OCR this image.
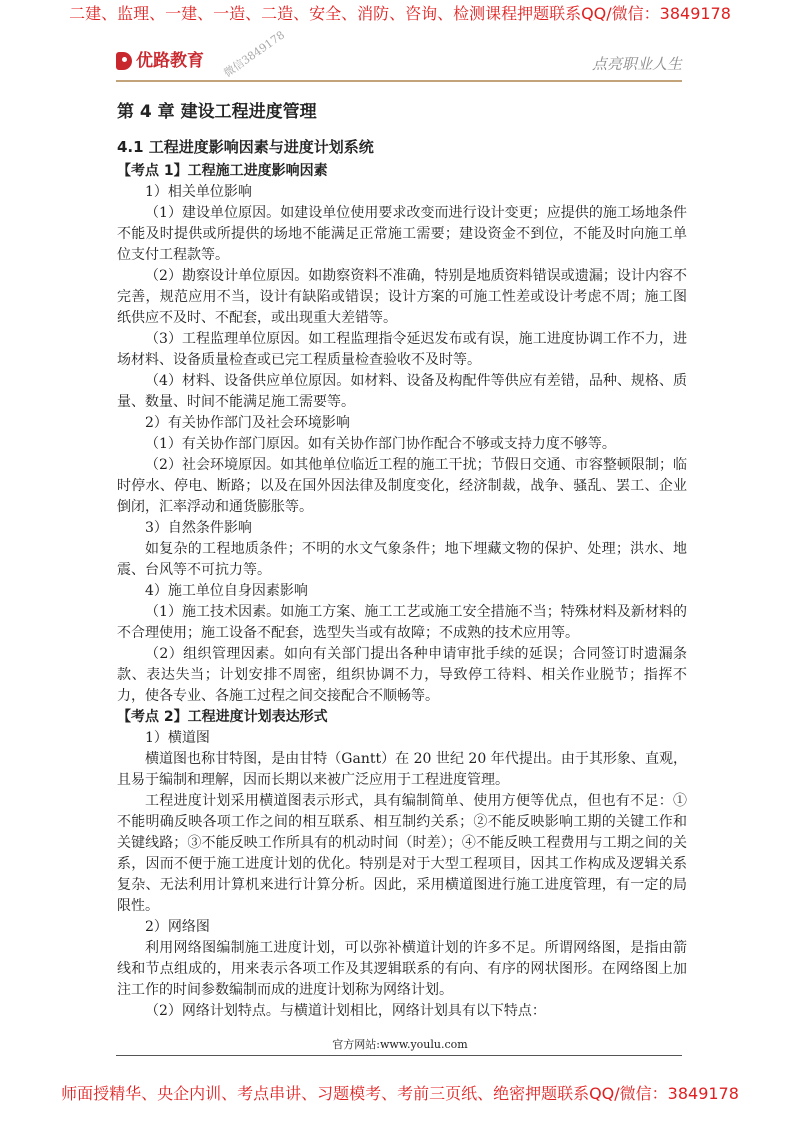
二建、监理、一建、一造、二造、安全、消防、咨询、检测课程押题联系QQ/微信：3849178
优路教育 微信3849178	点亮职业人生
第 4 章 建设工程进度管理
4.1 工程进度影响因素与进度计划系统
【考点 1】工程施工进度影响因素

1）相关单位影响

（1）建设单位原因。如建设单位使用要求改变而进行设计变更；应提供的施工场地条件不能及时提供或所提供的场地不能满足正常施工需要；建设资金不到位，不能及时向施工单位支付工程款等。

（2）勘察设计单位原因。如勘察资料不准确，特别是地质资料错误或遗漏；设计内容不完善，规范应用不当，设计有缺陷或错误；设计方案的可施工性差或设计考虑不周；施工图纸供应不及时、不配套，或出现重大差错等。

（3）工程监理单位原因。如工程监理指令延迟发布或有误，施工进度协调工作不力，进场材料、设备质量检查或已完工程质量检查验收不及时等。

（4）材料、设备供应单位原因。如材料、设备及构配件等供应有差错，品种、规格、质量、数量、时间不能满足施工需要等。

2）有关协作部门及社会环境影响

（1）有关协作部门原因。如有关协作部门协作配合不够或支持力度不够等。

（2）社会环境原因。如其他单位临近工程的施工干扰；节假日交通、市容整顿限制；临时停水、停电、断路；以及在国外因法律及制度变化，经济制裁，战争、骚乱、罢工、企业倒闭，汇率浮动和通货膨胀等。

3）自然条件影响

如复杂的工程地质条件；不明的水文气象条件；地下埋藏文物的保护、处理；洪水、地震、台风等不可抗力等。

4）施工单位自身因素影响

（1）施工技术因素。如施工方案、施工工艺或施工安全措施不当；特殊材料及新材料的不合理使用；施工设备不配套，选型失当或有故障；不成熟的技术应用等。

（2）组织管理因素。如向有关部门提出各种申请审批手续的延误；合同签订时遗漏条款、表达失当；计划安排不周密，组织协调不力，导致停工待料、相关作业脱节；指挥不力，使各专业、各施工过程之间交接配合不顺畅等。

【考点 2】工程进度计划表达形式

1）横道图

横道图也称甘特图，是由甘特（Gantt）在 20 世纪 20 年代提出。由于其形象、直观，且易于编制和理解，因而长期以来被广泛应用于工程进度管理。

工程进度计划采用横道图表示形式，具有编制简单、使用方便等优点，但也有不足：①不能明确反映各项工作之间的相互联系、相互制约关系；②不能反映影响工期的关键工作和关键线路；③不能反映工作所具有的机动时间（时差）；④不能反映工程费用与工期之间的关系，因而不便于施工进度计划的优化。特别是对于大型工程项目，因其工作构成及逻辑关系复杂、无法利用计算机来进行计算分析。因此，采用横道图进行施工进度管理，有一定的局限性。

2）网络图

利用网络图编制施工进度计划，可以弥补横道计划的许多不足。所谓网络图，是指由箭线和节点组成的，用来表示各项工作及其逻辑联系的有向、有序的网状图形。在网络图上加注工作的时间参数编制而成的进度计划称为网络计划。

（2）网络计划特点。与横道计划相比，网络计划具有以下特点：

官方网站:www.youlu.com
师面授精华、央企内训、考点串讲、习题模考、考前三页纸、绝密押题联系QQ/微信：3849178
